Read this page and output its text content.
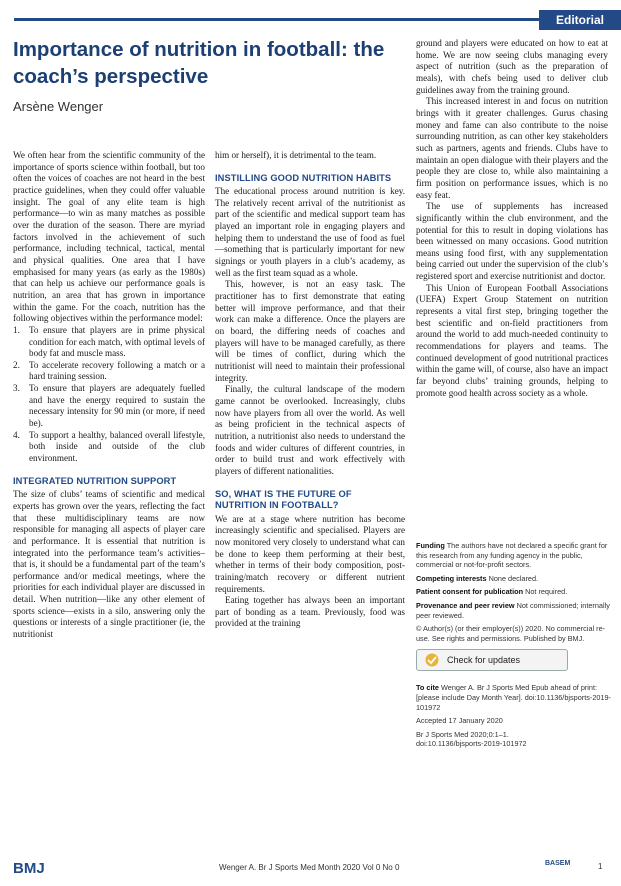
Editorial
Importance of nutrition in football: the coach’s perspective
Arsène Wenger

We often hear from the scientific community of the importance of sports science within football, but too often the voices of coaches are not heard in the best practice guidelines, when they could offer valuable insight. The goal of any elite team is high performance—to win as many matches as possible over the duration of the season. There are myriad factors involved in the achievement of such performance, including technical, tactical, mental and physical qualities. One area that I have emphasised for many years (as early as the 1980s) that can help us achieve our performance goals is nutrition, an area that has grown in importance within the game. For the coach, nutrition has the following objectives within the performance model:

1. To ensure that players are in prime physical condition for each match, with optimal levels of body fat and muscle mass.
2. To accelerate recovery following a match or a hard training session.
3. To ensure that players are adequately fuelled and have the energy required to sustain the necessary intensity for 90 min (or more, if need be).
4. To support a healthy, balanced overall lifestyle, both inside and outside of the club environment.
INTEGRATED NUTRITION SUPPORT

The size of clubs’ teams of scientific and medical experts has grown over the years, reflecting the fact that these multidisciplinary teams are now responsible for managing all aspects of player care and performance. It is essential that nutrition is integrated into the performance team’s activities–that is, it should be a fundamental part of the team’s performance and/or medical meetings, where the priorities for each individual player are discussed in detail. When nutrition—like any other element of sports science—exists in a silo, answering only the questions or interests of a single practitioner (ie, the nutritionist

him or herself), it is detrimental to the team.

INSTILLING GOOD NUTRITION HABITS

The educational process around nutrition is key. The relatively recent arrival of the nutritionist as part of the scientific and medical support team has played an important role in engaging players and helping them to understand the use of food as fuel—something that is particularly important for new signings or youth players in a club’s academy, as well as the first team squad as a whole.

This, however, is not an easy task. The practitioner has to first demonstrate that eating better will improve performance, and that their work can make a difference. Once the players are on board, the differing needs of coaches and players will have to be managed carefully, as there will be times of conflict, during which the nutritionist will need to maintain their professional integrity.

Finally, the cultural landscape of the modern game cannot be overlooked. Increasingly, clubs now have players from all over the world. As well as being proficient in the technical aspects of nutrition, a nutritionist also needs to understand the foods and wider cultures of different countries, in order to build trust and work effectively with players of different nationalities.

SO, WHAT IS THE FUTURE OF NUTRITION IN FOOTBALL?

We are at a stage where nutrition has become increasingly scientific and specialised. Players are now monitored very closely to understand what can be done to keep them performing at their best, whether in terms of their body composition, post-training/match recovery or different nutrient requirements.

Eating together has always been an important part of bonding as a team. Previously, food was provided at the training

ground and players were educated on how to eat at home. We are now seeing clubs managing every aspect of nutrition (such as the preparation of meals), with chefs being used to deliver club guidelines away from the training ground.

This increased interest in and focus on nutrition brings with it greater challenges. Gurus chasing money and fame can also contribute to the noise surrounding nutrition, as can other key stakeholders such as partners, agents and friends. Clubs have to maintain an open dialogue with their players and the people they are close to, while also maintaining a firm position on performance issues, which is no easy feat.

The use of supplements has increased significantly within the club environment, and the potential for this to result in doping violations has been witnessed on many occasions. Good nutrition means using food first, with any supplementation being carried out under the supervision of the club’s registered sport and exercise nutritionist and doctor.

This Union of European Football Associations (UEFA) Expert Group Statement on nutrition represents a vital first step, bringing together the best scientific and on-field practitioners from around the world to add much-needed continuity to recommendations for players and teams. The continued development of good nutritional practices within the game will, of course, also have an impact far beyond clubs’ training grounds, helping to promote good health across society as a whole.

Funding The authors have not declared a specific grant for this research from any funding agency in the public, commercial or not-for-profit sectors.

Competing interests None declared.

Patient consent for publication Not required.

Provenance and peer review Not commissioned; internally peer reviewed.

© Author(s) (or their employer(s)) 2020. No commercial re-use. See rights and permissions. Published by BMJ.

Check for updates

To cite Wenger A. Br J Sports Med Epub ahead of print: [please include Day Month Year]. doi:10.1136/bjsports-2019-101972

Accepted 17 January 2020

Br J Sports Med 2020;0:1–1.

doi:10.1136/bjsports-2019-101972

BMJ	Wenger A. Br J Sports Med Month 2020 Vol 0 No 0	BASEM	1
